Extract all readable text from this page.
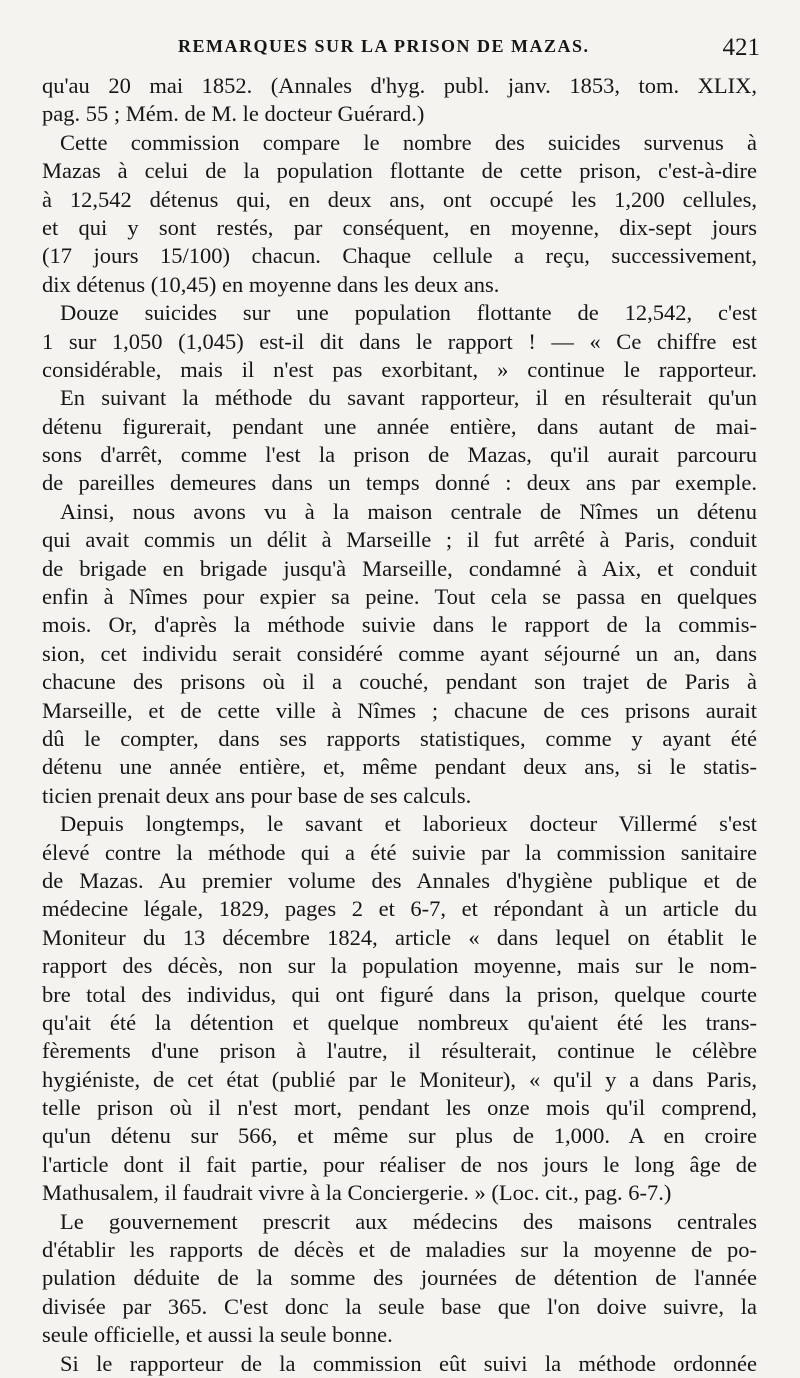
REMARQUES SUR LA PRISON DE MAZAS.	421
qu'au 20 mai 1852. (Annales d'hyg. publ. janv. 1853, tom. XLIX,
pag. 55 ; Mém. de M. le docteur Guérard.)
Cette commission compare le nombre des suicides survenus à
Mazas à celui de la population flottante de cette prison, c'est-à-dire
à 12,542 détenus qui, en deux ans, ont occupé les 1,200 cellules,
et qui y sont restés, par conséquent, en moyenne, dix-sept jours
(17 jours 15/100) chacun. Chaque cellule a reçu, successivement,
dix détenus (10,45) en moyenne dans les deux ans.
Douze suicides sur une population flottante de 12,542, c'est
1 sur 1,050 (1,045) est-il dit dans le rapport ! — « Ce chiffre est
considérable, mais il n'est pas exorbitant, » continue le rapporteur.
En suivant la méthode du savant rapporteur, il en résulterait qu'un
détenu figurerait, pendant une année entière, dans autant de mai-
sons d'arrêt, comme l'est la prison de Mazas, qu'il aurait parcouru
de pareilles demeures dans un temps donné : deux ans par exemple.
Ainsi, nous avons vu à la maison centrale de Nîmes un détenu
qui avait commis un délit à Marseille ; il fut arrêté à Paris, conduit
de brigade en brigade jusqu'à Marseille, condamné à Aix, et conduit
enfin à Nîmes pour expier sa peine. Tout cela se passa en quelques
mois. Or, d'après la méthode suivie dans le rapport de la commis-
sion, cet individu serait considéré comme ayant séjourné un an, dans
chacune des prisons où il a couché, pendant son trajet de Paris à
Marseille, et de cette ville à Nîmes ; chacune de ces prisons aurait
dû le compter, dans ses rapports statistiques, comme y ayant été
détenu une année entière, et, même pendant deux ans, si le statis-
ticien prenait deux ans pour base de ses calculs.
Depuis longtemps, le savant et laborieux docteur Villermé s'est
élevé contre la méthode qui a été suivie par la commission sanitaire
de Mazas. Au premier volume des Annales d'hygiène publique et de
médecine légale, 1829, pages 2 et 6-7, et répondant à un article du
Moniteur du 13 décembre 1824, article « dans lequel on établit le
rapport des décès, non sur la population moyenne, mais sur le nom-
bre total des individus, qui ont figuré dans la prison, quelque courte
qu'ait été la détention et quelque nombreux qu'aient été les trans-
fèrements d'une prison à l'autre, il résulterait, continue le célèbre
hygiéniste, de cet état (publié par le Moniteur), « qu'il y a dans Paris,
telle prison où il n'est mort, pendant les onze mois qu'il comprend,
qu'un détenu sur 566, et même sur plus de 1,000. A en croire
l'article dont il fait partie, pour réaliser de nos jours le long âge de
Mathusalem, il faudrait vivre à la Conciergerie. » (Loc. cit., pag. 6-7.)
Le gouvernement prescrit aux médecins des maisons centrales
d'établir les rapports de décès et de maladies sur la moyenne de po-
pulation déduite de la somme des journées de détention de l'année
divisée par 365. C'est donc la seule base que l'on doive suivre, la
seule officielle, et aussi la seule bonne.
Si le rapporteur de la commission eût suivi la méthode ordonnée
